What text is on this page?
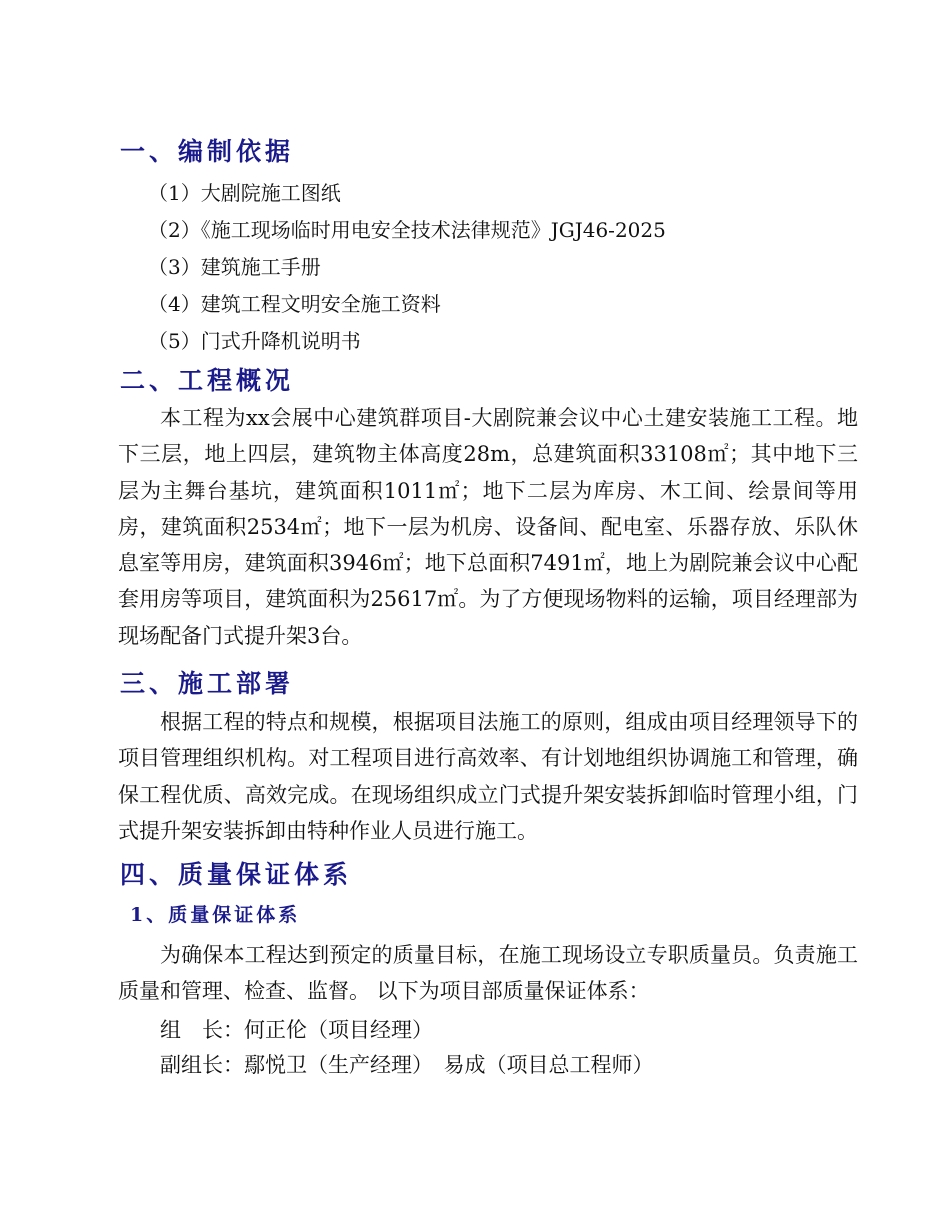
一、编制依据
（1）大剧院施工图纸
（2）《施工现场临时用电安全技术法律规范》JGJ46-2025
（3）建筑施工手册
（4）建筑工程文明安全施工资料
（5）门式升降机说明书
二、工程概况
本工程为xx会展中心建筑群项目-大剧院兼会议中心土建安装施工工程。地下三层，地上四层，建筑物主体高度28m，总建筑面积33108㎡；其中地下三层为主舞台基坑，建筑面积1011㎡；地下二层为库房、木工间、绘景间等用房，建筑面积2534㎡；地下一层为机房、设备间、配电室、乐器存放、乐队休息室等用房，建筑面积3946㎡；地下总面积7491㎡，地上为剧院兼会议中心配套用房等项目，建筑面积为25617㎡。为了方便现场物料的运输，项目经理部为现场配备门式提升架3台。
三、施工部署
根据工程的特点和规模，根据项目法施工的原则，组成由项目经理领导下的项目管理组织机构。对工程项目进行高效率、有计划地组织协调施工和管理，确保工程优质、高效完成。在现场组织成立门式提升架安装拆卸临时管理小组，门式提升架安装拆卸由特种作业人员进行施工。
四、质量保证体系
1、质量保证体系
为确保本工程达到预定的质量目标，在施工现场设立专职质量员。负责施工质量和管理、检查、监督。 以下为项目部质量保证体系：
组　长：何正伦（项目经理）
副组长：鄢悦卫（生产经理）　易成（项目总工程师）
